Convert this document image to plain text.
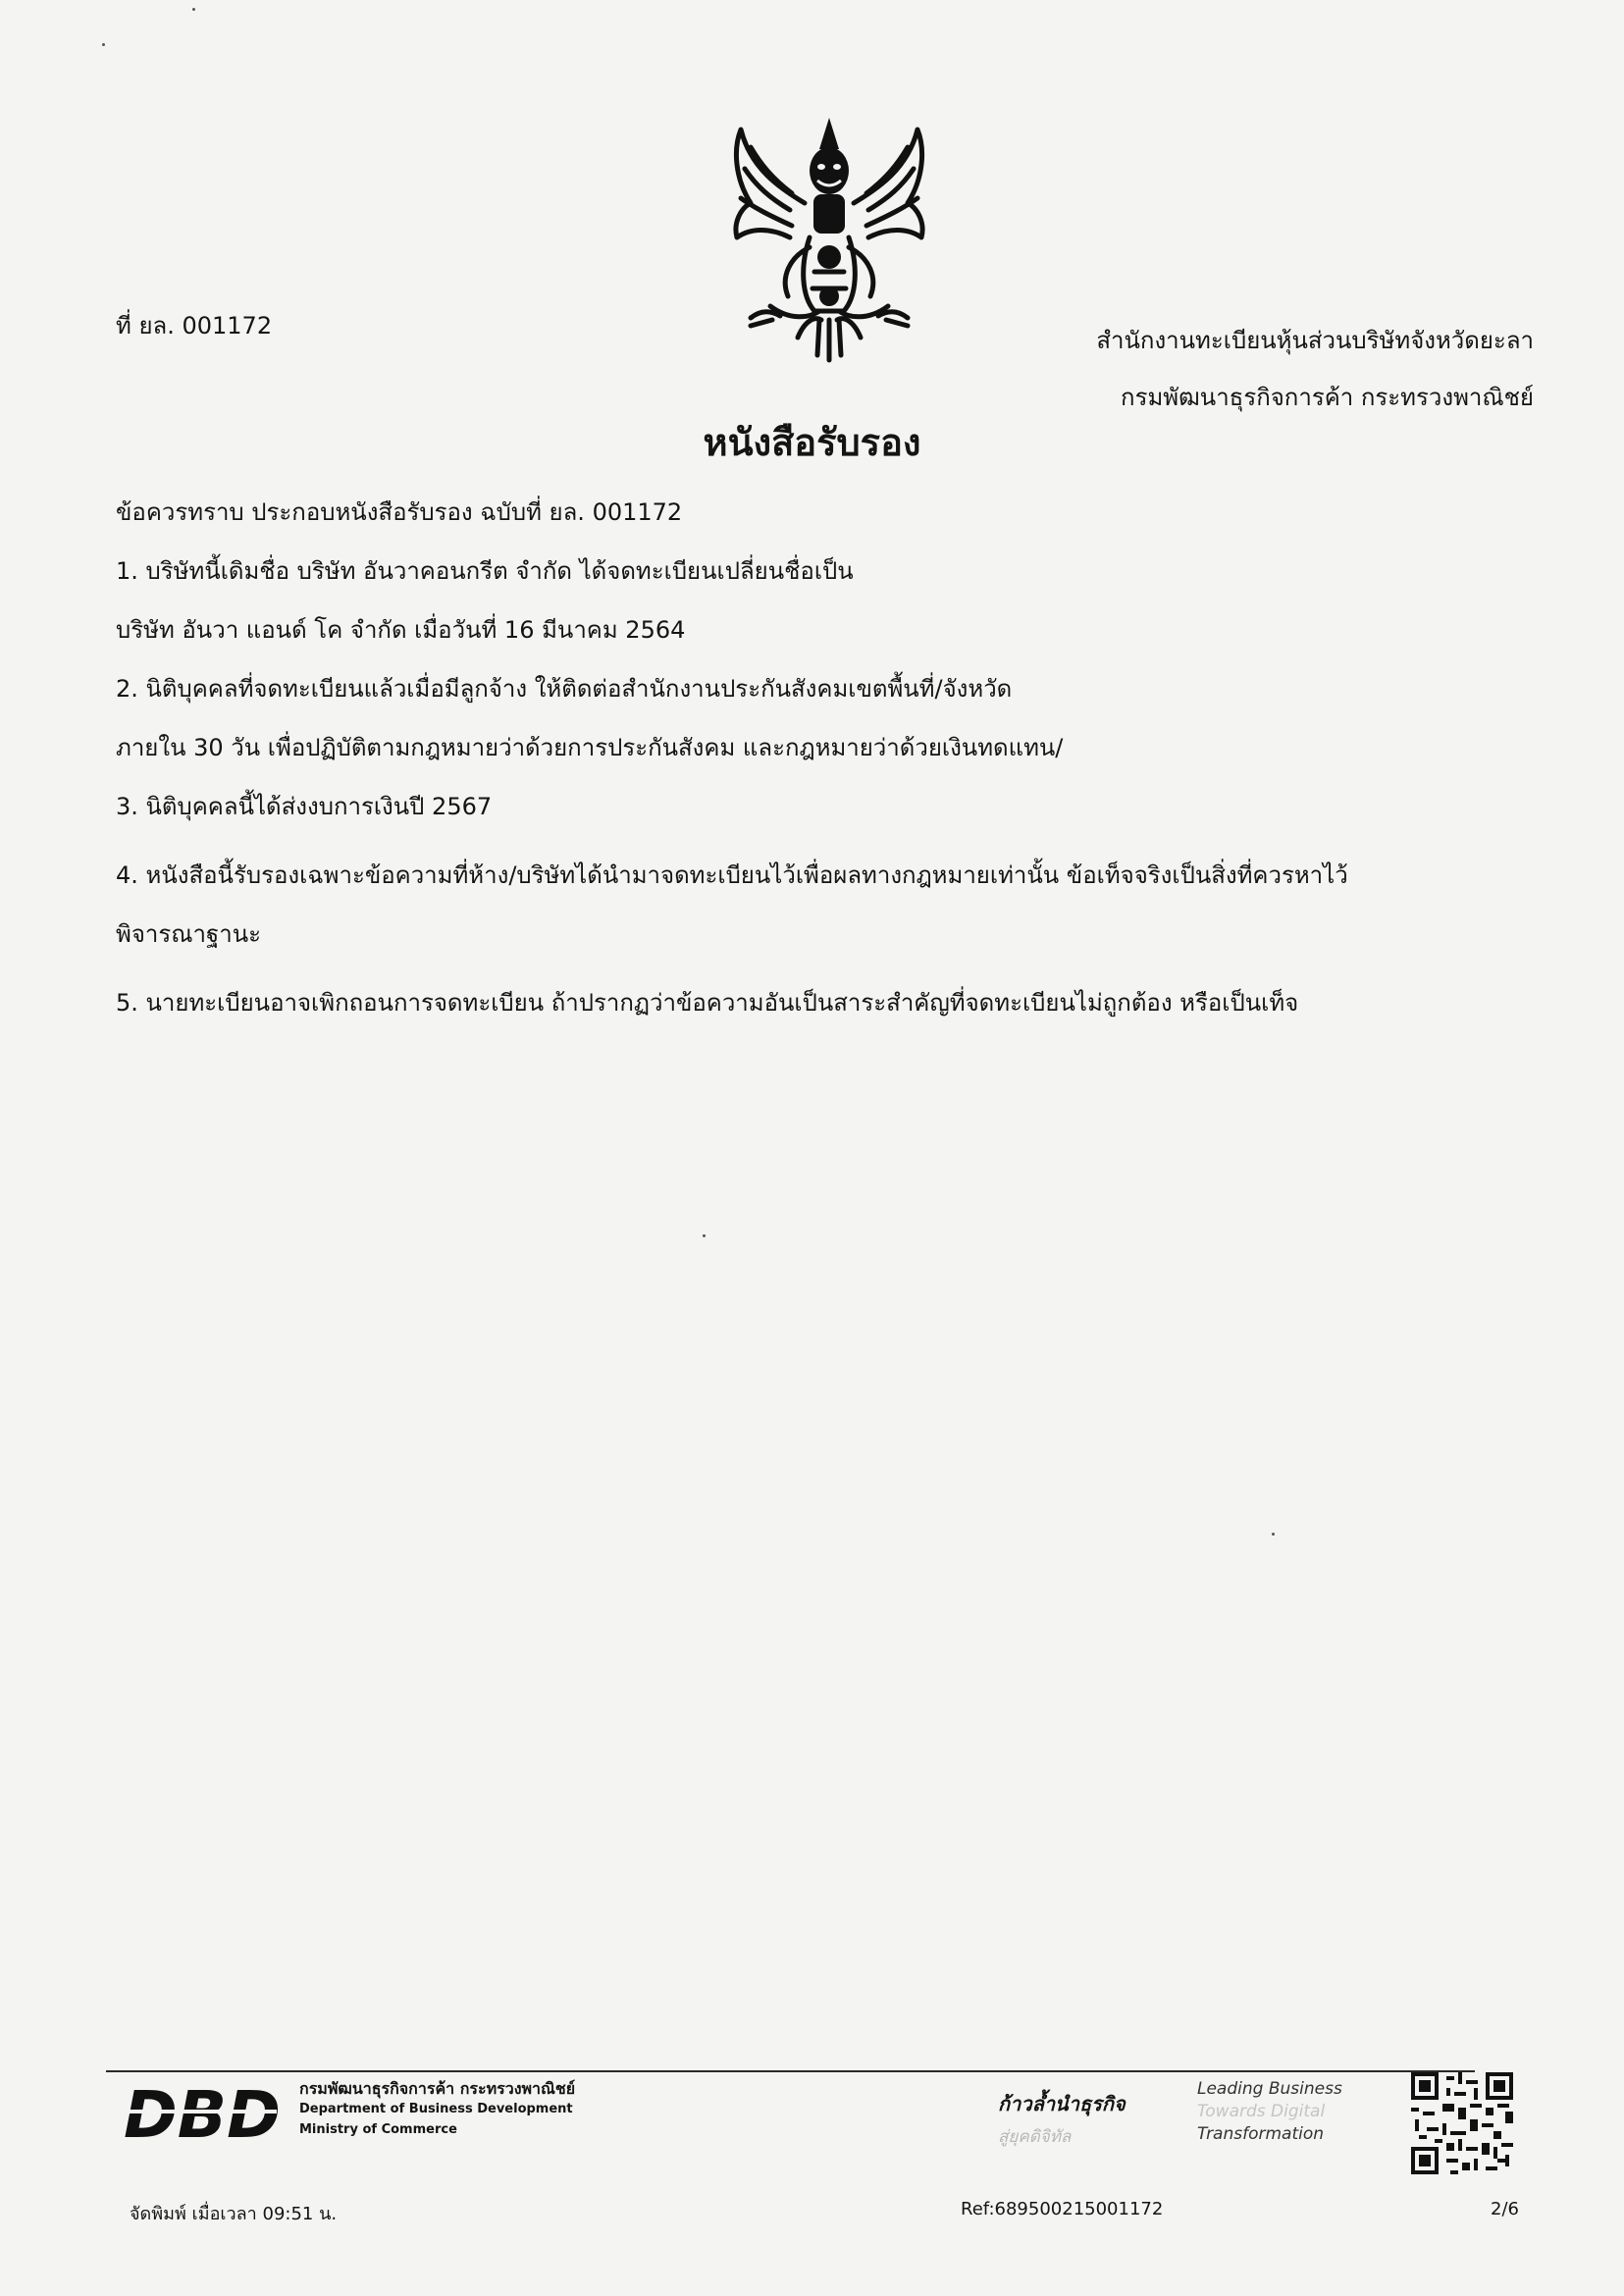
ที่ ยล. 001172
สำนักงานทะเบียนหุ้นส่วนบริษัทจังหวัดยะลา
กรมพัฒนาธุรกิจการค้า กระทรวงพาณิชย์
หนังสือรับรอง
ข้อควรทราบ ประกอบหนังสือรับรอง ฉบับที่ ยล. 001172
1. บริษัทนี้เดิมชื่อ บริษัท อันวาคอนกรีต จำกัด ได้จดทะเบียนเปลี่ยนชื่อเป็น
บริษัท อันวา แอนด์ โค จำกัด เมื่อวันที่ 16 มีนาคม 2564
2. นิติบุคคลที่จดทะเบียนแล้วเมื่อมีลูกจ้าง ให้ติดต่อสำนักงานประกันสังคมเขตพื้นที่/จังหวัด
ภายใน 30 วัน เพื่อปฏิบัติตามกฎหมายว่าด้วยการประกันสังคม และกฎหมายว่าด้วยเงินทดแทน/
3. นิติบุคคลนี้ได้ส่งงบการเงินปี 2567
4. หนังสือนี้รับรองเฉพาะข้อความที่ห้าง/บริษัทได้นำมาจดทะเบียนไว้เพื่อผลทางกฎหมายเท่านั้น ข้อเท็จจริงเป็นสิ่งที่ควรหาไว้
พิจารณาฐานะ
5. นายทะเบียนอาจเพิกถอนการจดทะเบียน ถ้าปรากฏว่าข้อความอันเป็นสาระสำคัญที่จดทะเบียนไม่ถูกต้อง หรือเป็นเท็จ
DBD กรมพัฒนาธุรกิจการค้า กระทรวงพาณิชย์
Department of Business Development
Ministry of Commerce
ก้าวล้ำนำธุรกิจ
สู่ยุคดิจิทัล
Leading Business
Towards Digital
Transformation
จัดพิมพ์ เมื่อเวลา 09:51 น.	Ref:689500215001172	2/6
